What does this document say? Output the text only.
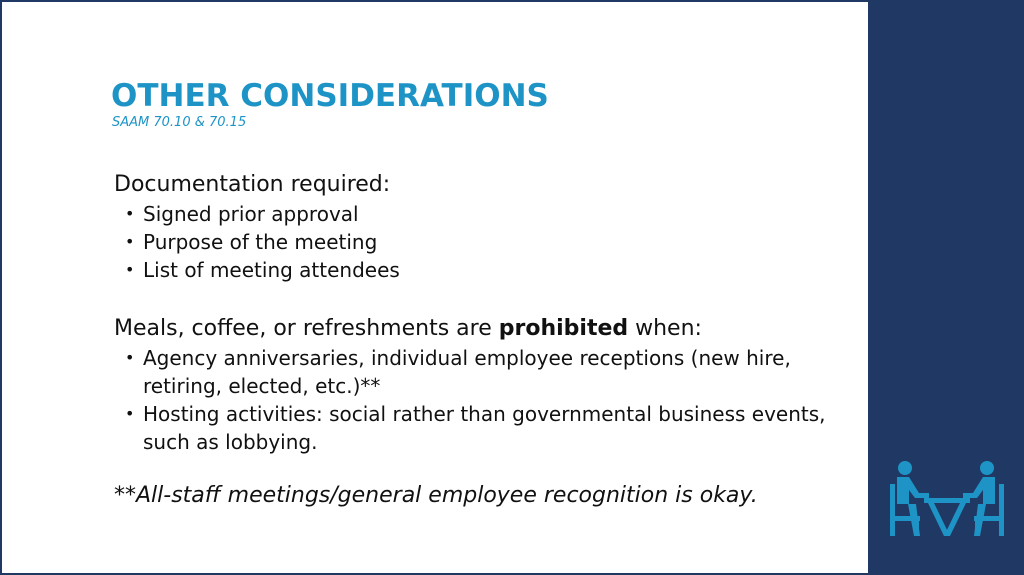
OTHER CONSIDERATIONS

SAAM 70.10 & 70.15

Documentation required:

• Signed prior approval
• Purpose of the meeting
• List of meeting attendees

Meals, coffee, or refreshments are prohibited when:

• Agency anniversaries, individual employee receptions (new hire, retiring, elected, etc.)**
• Hosting activities: social rather than governmental business events, such as lobbying.

**All-staff meetings/general employee recognition is okay.
